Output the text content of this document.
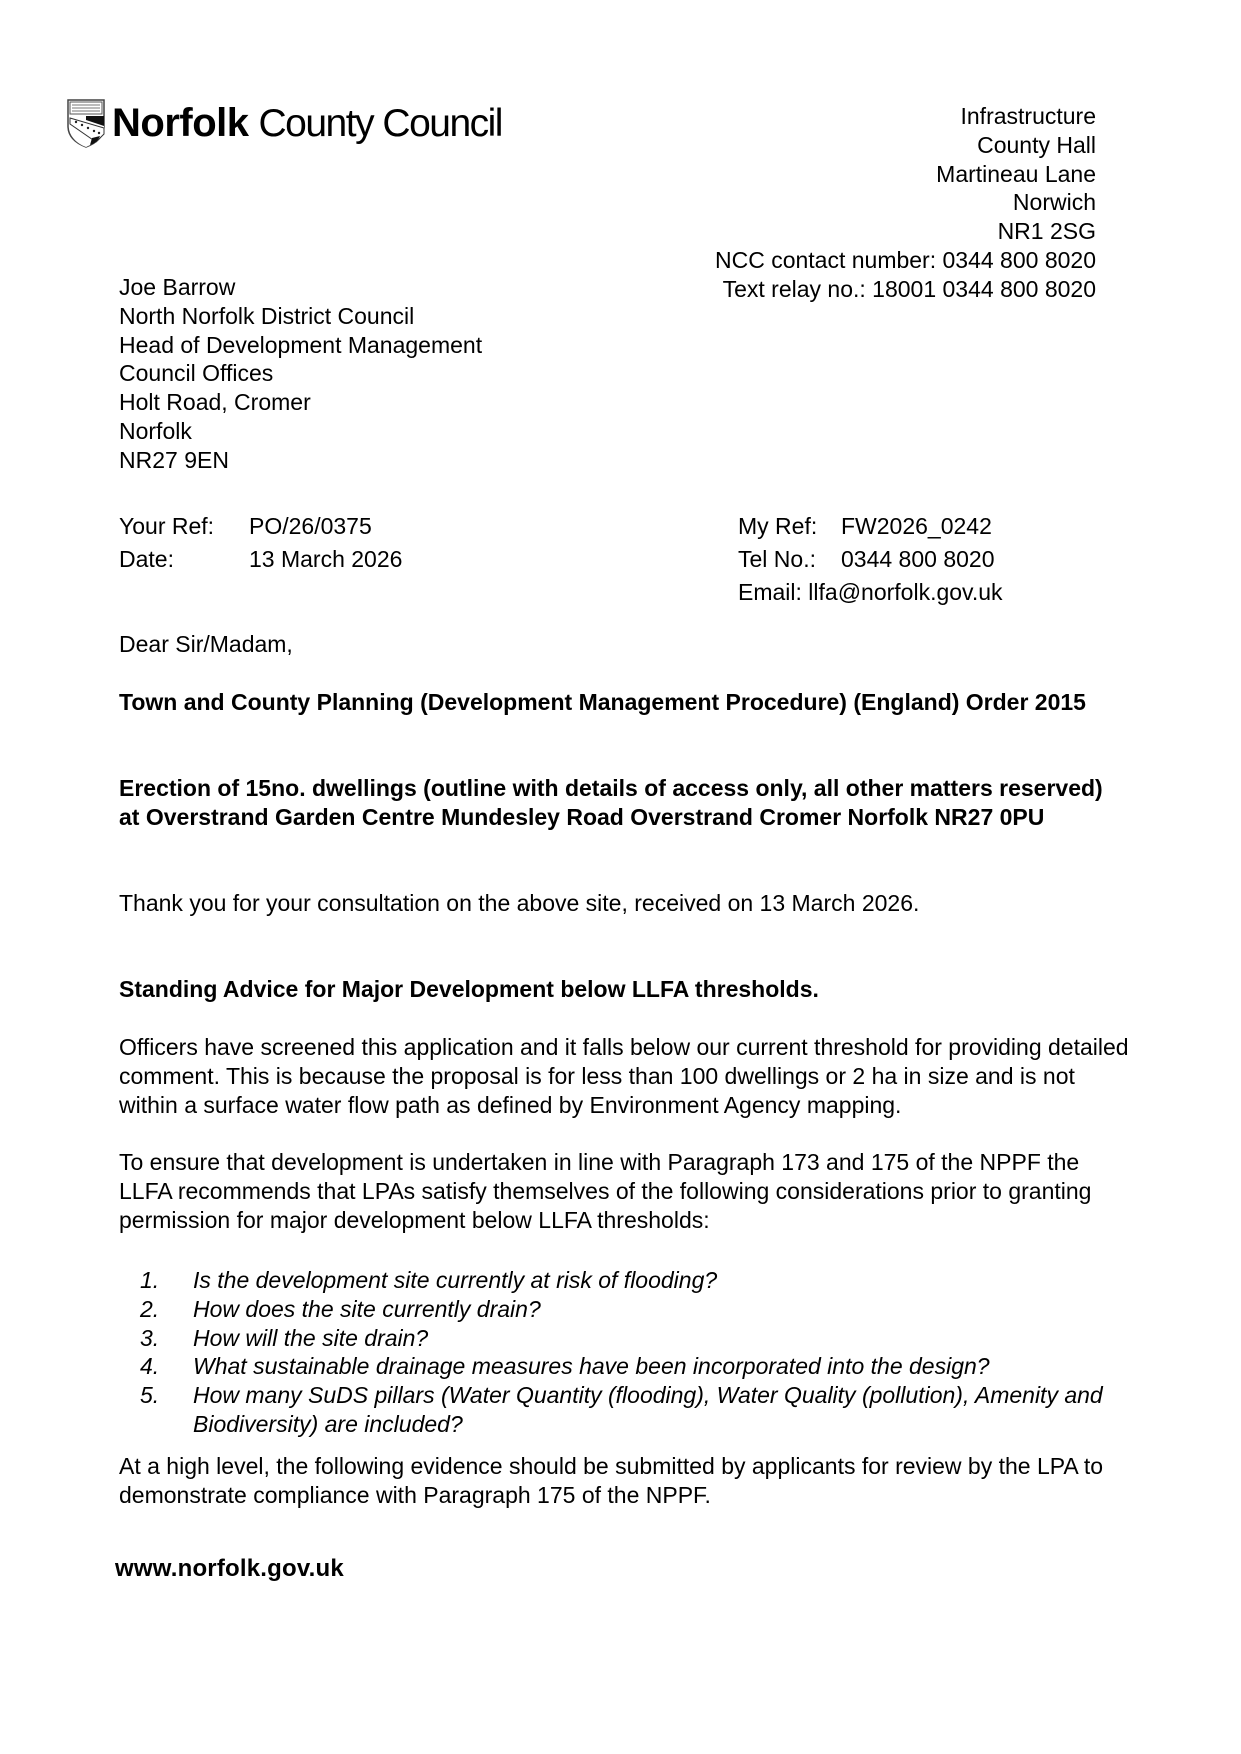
Norfolk County Council	Infrastructure
County Hall
Martineau Lane
Norwich
NR1 2SG
NCC contact number: 0344 800 8020
Text relay no.: 18001 0344 800 8020
Joe Barrow
North Norfolk District Council
Head of Development Management
Council Offices
Holt Road, Cromer
Norfolk
NR27 9EN
Your Ref: PO/26/0375
Date:	13 March 2026
My Ref: FW2026_0242
Tel No.: 0344 800 8020
Email: llfa@norfolk.gov.uk
Dear Sir/Madam,
Town and County Planning (Development Management Procedure) (England) Order 2015
Erection of 15no. dwellings (outline with details of access only, all other matters reserved) at Overstrand Garden Centre Mundesley Road Overstrand Cromer Norfolk NR27 0PU
Thank you for your consultation on the above site, received on 13 March 2026.
Standing Advice for Major Development below LLFA thresholds.
Officers have screened this application and it falls below our current threshold for providing detailed comment. This is because the proposal is for less than 100 dwellings or 2 ha in size and is not within a surface water flow path as defined by Environment Agency mapping.
To ensure that development is undertaken in line with Paragraph 173 and 175 of the NPPF the LLFA recommends that LPAs satisfy themselves of the following considerations prior to granting permission for major development below LLFA thresholds:
1.	Is the development site currently at risk of flooding?
2.	How does the site currently drain?
3.	How will the site drain?
4.	What sustainable drainage measures have been incorporated into the design?
5.	How many SuDS pillars (Water Quantity (flooding), Water Quality (pollution), Amenity and Biodiversity) are included?
At a high level, the following evidence should be submitted by applicants for review by the LPA to demonstrate compliance with Paragraph 175 of the NPPF.
www.norfolk.gov.uk
